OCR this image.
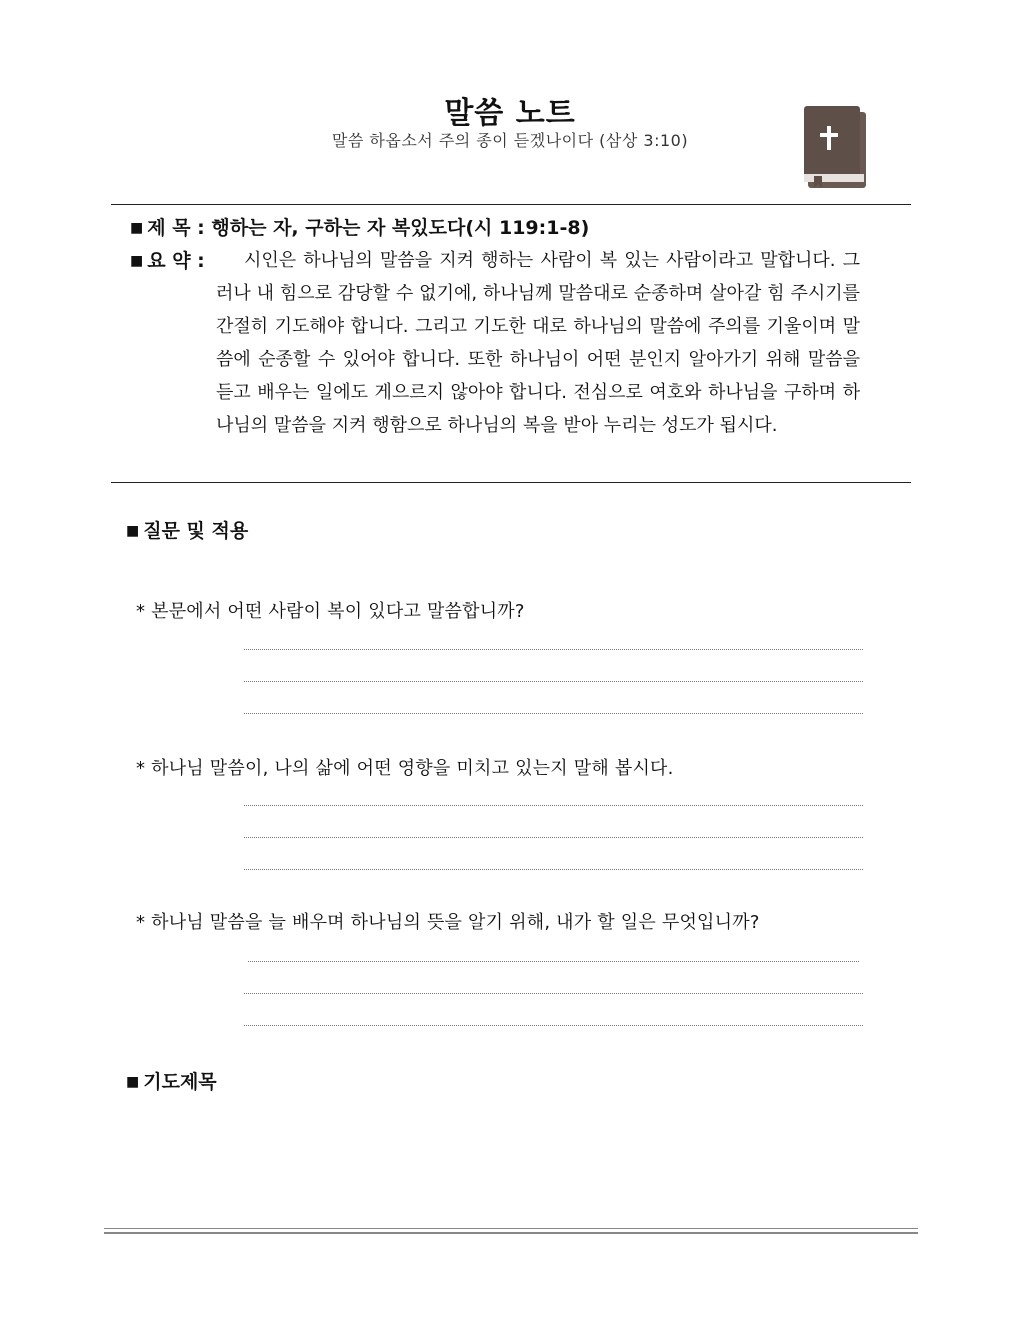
말씀 노트
말씀 하옵소서 주의 종이 듣겠나이다 (삼상 3:10)
■ 제 목 : 행하는 자, 구하는 자 복있도다(시 119:1-8)
■ 요 약 :	시인은 하나님의 말씀을 지켜 행하는 사람이 복 있는 사람이라고 말합니다. 그러나 내 힘으로 감당할 수 없기에, 하나님께 말씀대로 순종하며 살아갈 힘 주시기를 간절히 기도해야 합니다. 그리고 기도한 대로 하나님의 말씀에 주의를 기울이며 말씀에 순종할 수 있어야 합니다. 또한 하나님이 어떤 분인지 알아가기 위해 말씀을 듣고 배우는 일에도 게으르지 않아야 합니다. 전심으로 여호와 하나님을 구하며 하나님의 말씀을 지켜 행함으로 하나님의 복을 받아 누리는 성도가 됩시다.
■ 질문 및 적용
* 본문에서 어떤 사람이 복이 있다고 말씀합니까?
* 하나님 말씀이, 나의 삶에 어떤 영향을 미치고 있는지 말해 봅시다.
* 하나님 말씀을 늘 배우며 하나님의 뜻을 알기 위해, 내가 할 일은 무엇입니까?
■ 기도제목
